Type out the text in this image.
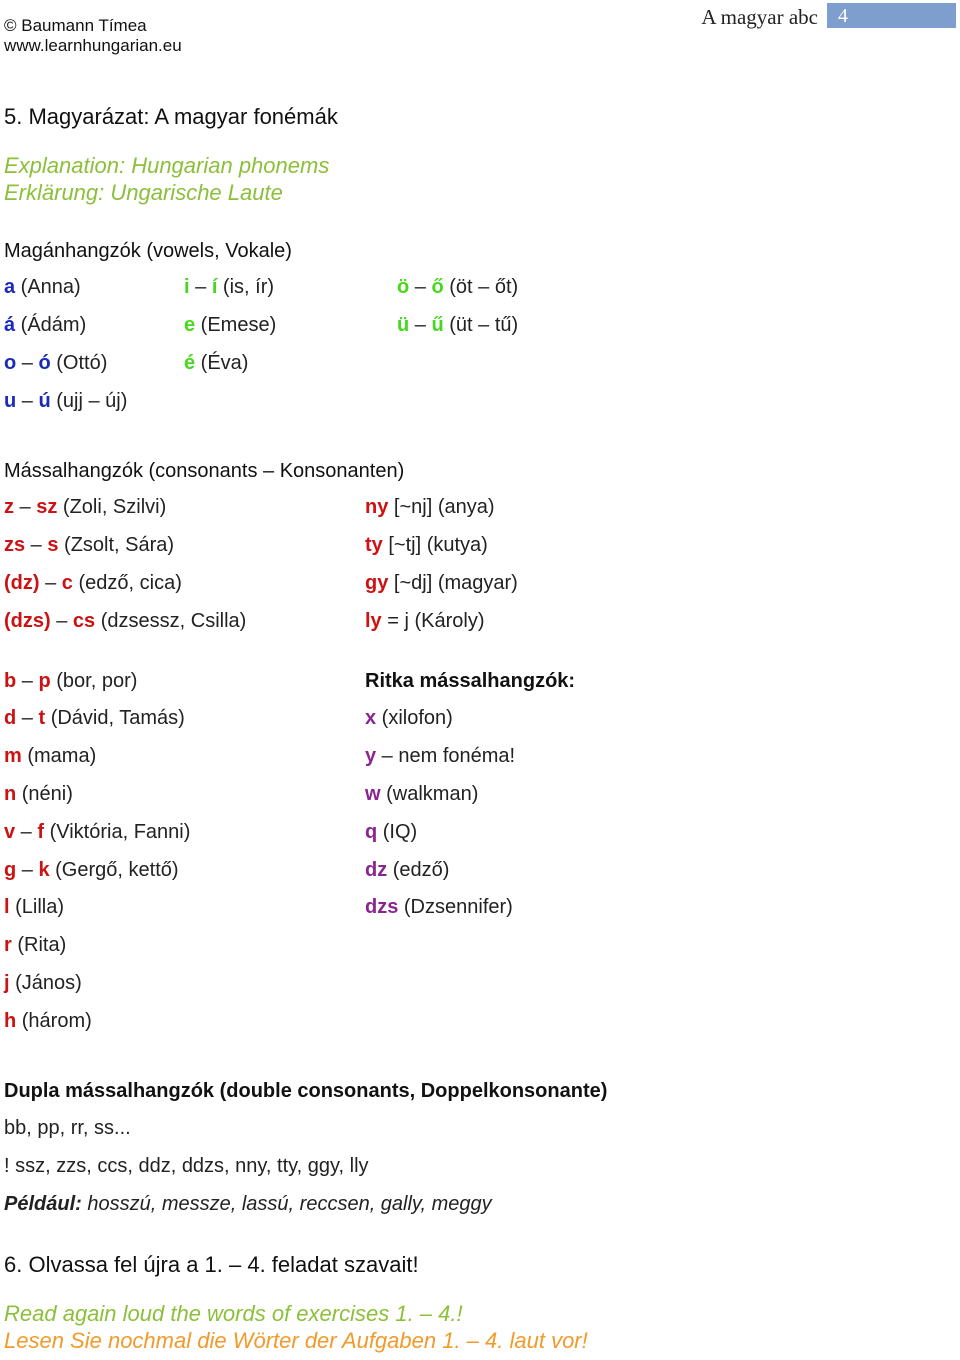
© Baumann Tímea
www.learnhungarian.eu
A magyar abc 4
5. Magyarázat: A magyar fonémák
Explanation: Hungarian phonems
Erklärung: Ungarische Laute
Magánhangzók (vowels, Vokale)
a (Anna)
á (Ádám)
o – ó (Ottó)
u – ú (ujj – új)
i – í (is, ír)
e (Emese)
é (Éva)
ö – ő (öt – őt)
ü – ű (üt – tű)
Mássalhangzók (consonants – Konsonanten)
z – sz (Zoli, Szilvi)
zs – s (Zsolt, Sára)
(dz) – c (edző, cica)
(dzs) – cs (dzsessz, Csilla)
ny [~nj] (anya)
ty [~tj] (kutya)
gy [~dj] (magyar)
ly = j (Károly)
b – p (bor, por)
d – t (Dávid, Tamás)
m (mama)
n (néni)
v – f (Viktória, Fanni)
g – k (Gergő, kettő)
l (Lilla)
r (Rita)
j (János)
h (három)
Ritka mássalhangzók:
x (xilofon)
y – nem fonéma!
w (walkman)
q (IQ)
dz (edző)
dzs (Dzsennifer)
Dupla mássalhangzók (double consonants, Doppelkonsonante)
bb, pp, rr, ss...
! ssz, zzs, ccs, ddz, ddzs, nny, tty, ggy, lly
Például: hosszú, messze, lassú, reccsen, gally, meggy
6. Olvassa fel újra a 1. – 4. feladat szavait!
Read again loud the words of exercises 1. – 4.!
Lesen Sie nochmal die Wörter der Aufgaben 1. – 4. laut vor!
